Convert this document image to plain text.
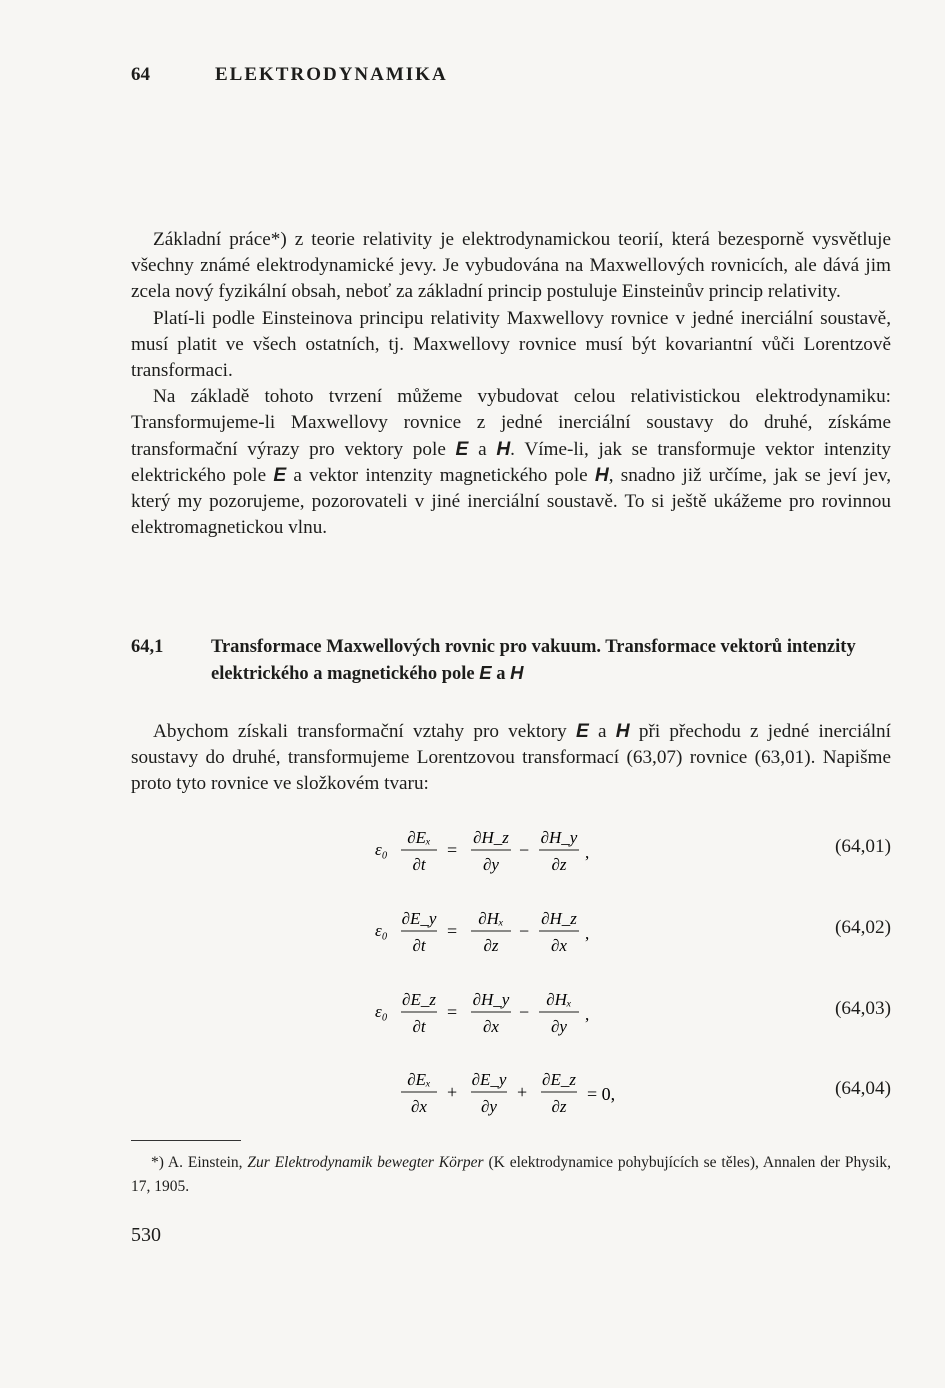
64	ELEKTRODYNAMIKA

Základní práce*) z teorie relativity je elektrodynamickou teorií, která bezesporně vysvětluje všechny známé elektrodynamické jevy. Je vybudována na Maxwellových rovnicích, ale dává jim zcela nový fyzikální obsah, neboť za základní princip postuluje Einsteinův princip relativity.

Platí-li podle Einsteinova principu relativity Maxwellovy rovnice v jedné inerciální soustavě, musí platit ve všech ostatních, tj. Maxwellovy rovnice musí být kovariantní vůči Lorentzově transformaci.

Na základě tohoto tvrzení můžeme vybudovat celou relativistickou elektrodynamiku: Transformujeme-li Maxwellovy rovnice z jedné inerciální soustavy do druhé, získáme transformační výrazy pro vektory pole E a H. Víme-li, jak se transformuje vektor intenzity elektrického pole E a vektor intenzity magnetického pole H, snadno již určíme, jak se jeví jev, který my pozorujeme, pozorovateli v jiné inerciální soustavě. To si ještě ukážeme pro rovinnou elektromagnetickou vlnu.

64,1	Transformace Maxwellových rovnic pro vakuum. Transformace vektorů intenzity elektrického a magnetického pole E a H

Abychom získali transformační vztahy pro vektory E a H při přechodu z jedné inerciální soustavy do druhé, transformujeme Lorentzovou transformací (63,07) rovnice (63,01). Napišme proto tyto rovnice ve složkovém tvaru:

ε₀
∂Eₓ
∂t
=
∂H_z
∂y
−
∂H_y
∂z
,	(64,01)
ε₀
∂E_y
∂t
=
∂Hₓ
∂z
−
∂H_z
∂x
,	(64,02)
ε₀
∂E_z
∂t
=
∂H_y
∂x
−
∂Hₓ
∂y
,	(64,03)
∂Eₓ
∂x
+
∂E_y
∂y
+
∂E_z
∂z
= 0,	(64,04)

*) A. Einstein, Zur Elektrodynamik bewegter Körper (K elektrodynamice pohybujících se těles), Annalen der Physik, 17, 1905.

530
